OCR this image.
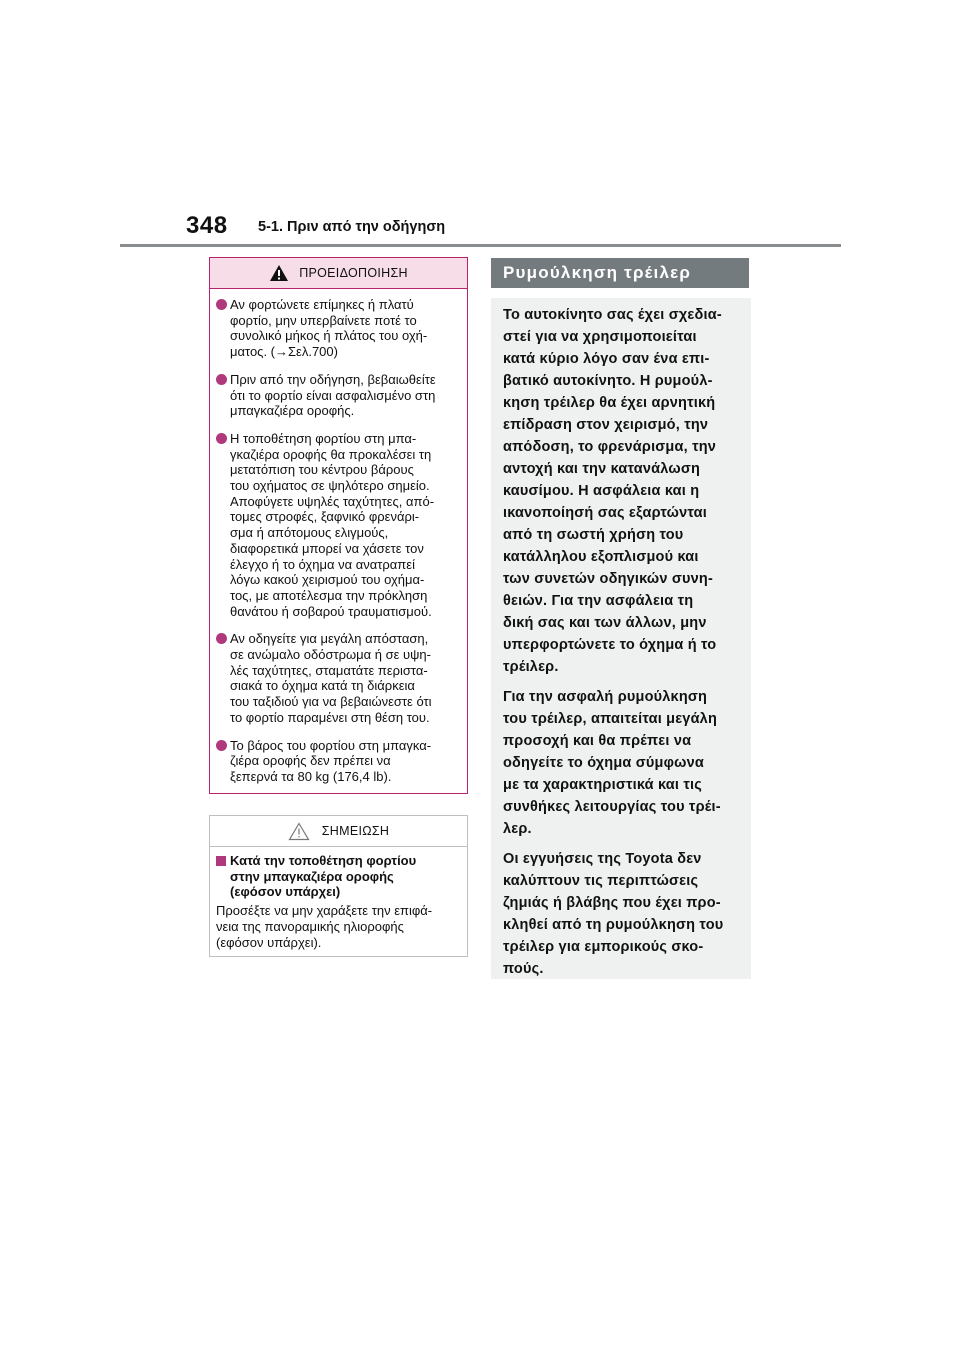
348 5-1. Πριν από την οδήγηση
ΠΡΟΕΙΔΟΠΟΙΗΣΗ
Αν φορτώνετε επίμηκες ή πλατύ
φορτίο, μην υπερβαίνετε ποτέ το
συνολικό μήκος ή πλάτος του οχή-
ματος. (→Σελ.700)
Πριν από την οδήγηση, βεβαιωθείτε
ότι το φορτίο είναι ασφαλισμένο στη
μπαγκαζιέρα οροφής.
Η τοποθέτηση φορτίου στη μπα-
γκαζιέρα οροφής θα προκαλέσει τη
μετατόπιση του κέντρου βάρους
του οχήματος σε ψηλότερο σημείο.
Αποφύγετε υψηλές ταχύτητες, από-
τομες στροφές, ξαφνικό φρενάρι-
σμα ή απότομους ελιγμούς,
διαφορετικά μπορεί να χάσετε τον
έλεγχο ή το όχημα να ανατραπεί
λόγω κακού χειρισμού του οχήμα-
τος, με αποτέλεσμα την πρόκληση
θανάτου ή σοβαρού τραυματισμού.
Αν οδηγείτε για μεγάλη απόσταση,
σε ανώμαλο οδόστρωμα ή σε υψη-
λές ταχύτητες, σταματάτε περιστα-
σιακά το όχημα κατά τη διάρκεια
του ταξιδιού για να βεβαιώνεστε ότι
το φορτίο παραμένει στη θέση του.
Το βάρος του φορτίου στη μπαγκα-
ζιέρα οροφής δεν πρέπει να
ξεπερνά τα 80 kg (176,4 lb).
ΣΗΜΕΙΩΣΗ
Κατά την τοποθέτηση φορτίου
στην μπαγκαζιέρα οροφής
(εφόσον υπάρχει)
Προσέξτε να μην χαράξετε την επιφά-
νεια της πανοραμικής ηλιοροφής
(εφόσον υπάρχει).
Ρυμούλκηση τρέιλερ

Το αυτοκίνητο σας έχει σχεδια-
στεί για να χρησιμοποιείται
κατά κύριο λόγο σαν ένα επι-
βατικό αυτοκίνητο. Η ρυμούλ-
κηση τρέιλερ θα έχει αρνητική
επίδραση στον χειρισμό, την
απόδοση, το φρενάρισμα, την
αντοχή και την κατανάλωση
καυσίμου. Η ασφάλεια και η
ικανοποίησή σας εξαρτώνται
από τη σωστή χρήση του
κατάλληλου εξοπλισμού και
των συνετών οδηγικών συνη-
θειών. Για την ασφάλεια τη
δική σας και των άλλων, μην
υπερφορτώνετε το όχημα ή το
τρέιλερ.

Για την ασφαλή ρυμούλκηση
του τρέιλερ, απαιτείται μεγάλη
προσοχή και θα πρέπει να
οδηγείτε το όχημα σύμφωνα
με τα χαρακτηριστικά και τις
συνθήκες λειτουργίας του τρέι-
λερ.

Οι εγγυήσεις της Toyota δεν
καλύπτουν τις περιπτώσεις
ζημιάς ή βλάβης που έχει προ-
κληθεί από τη ρυμούλκηση του
τρέιλερ για εμπορικούς σκο-
πούς.
